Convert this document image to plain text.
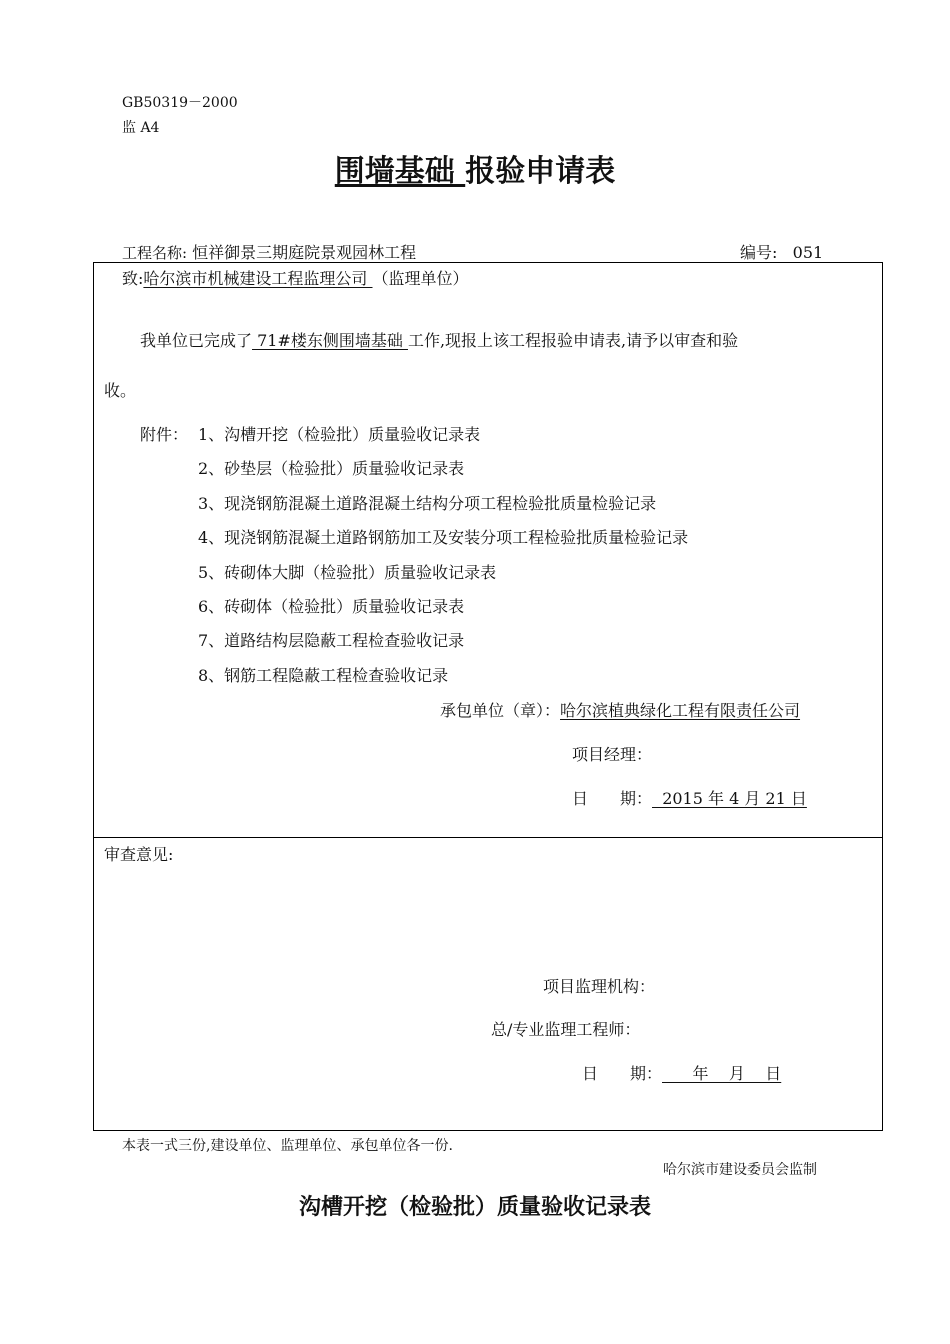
GB50319－2000
监 A4
围墙基础 报验申请表
工程名称: 恒祥御景三期庭院景观园林工程	编号: 051
致:哈尔滨市机械建设工程监理公司 （监理单位）
我单位已完成了 71#楼东侧围墙基础 工作,现报上该工程报验申请表,请予以审查和验
收。
附件： 1、沟槽开挖（检验批）质量验收记录表
2、砂垫层（检验批）质量验收记录表
3、现浇钢筋混凝土道路混凝土结构分项工程检验批质量检验记录
4、现浇钢筋混凝土道路钢筋加工及安装分项工程检验批质量检验记录
5、砖砌体大脚（检验批）质量验收记录表
6、砖砌体（检验批）质量验收记录表
7、道路结构层隐蔽工程检查验收记录
8、钢筋工程隐蔽工程检查验收记录
承包单位（章）：哈尔滨植典绿化工程有限责任公司
项目经理：
日　　期：  2015 年 4 月 21 日
审查意见:
项目监理机构：
总/专业监理工程师：
日　　期：      年    月    日
本表一式三份,建设单位、监理单位、承包单位各一份.
哈尔滨市建设委员会监制
沟槽开挖（检验批）质量验收记录表
